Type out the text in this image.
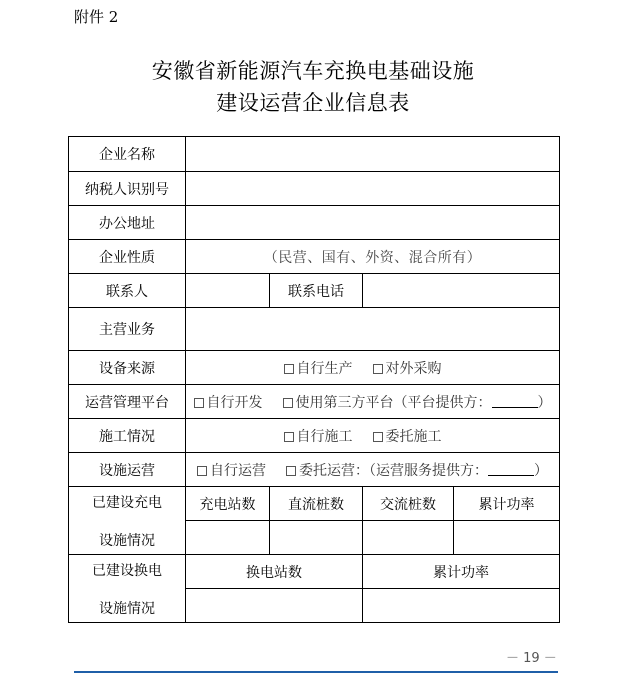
附件 2
安徽省新能源汽车充换电基础设施
建设运营企业信息表
企业名称				
纳税人识别号				
办公地址				
企业性质	（民营、国有、外资、混合所有）			
联系人		联系电话		
主营业务				
设备来源	自行生产 对外采购			
运营管理平台	自行开发 使用第三方平台（平台提供方： ）			
施工情况	自行施工 委托施工			
设施运营	自行运营 委托运营：（运营服务提供方： ）			

已建设充电
设施情况	充电站数	直流桩数	交流桩数	累计功率

已建设换电
设施情况	换电站数		累计功率	

－ 19 －
